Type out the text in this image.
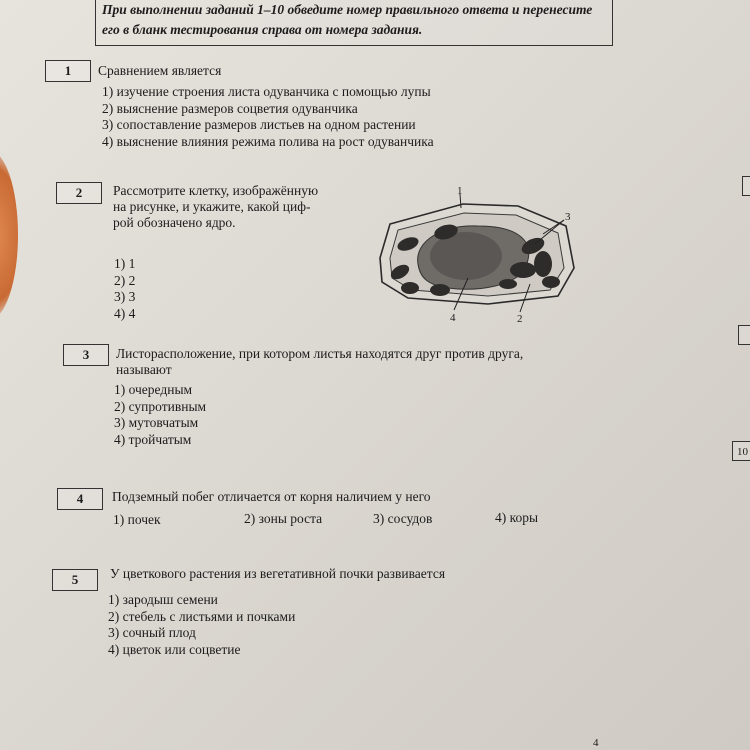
При выполнении заданий 1–10 обведите номер правильного ответа и перенесите его в бланк тестирования справа от номера задания.
1	Сравнением является
1) изучение строения листа одуванчика с помощью лупы
2) выяснение размеров соцветия одуванчика
3) сопоставление размеров листьев на одном растении
4) выяснение влияния режима полива на рост одуванчика
2	Рассмотрите клетку, изображённую
на рисунке, и укажите, какой циф-
рой обозначено ядро.
1) 1
2) 2
3) 3
4) 4
1
3
4	2
3	Листорасположение, при котором листья находятся друг против друга,
называют
1) очередным
2) супротивным
3) мутовчатым
4) тройчатым
4	Подземный побег отличается от корня наличием у него
1) почек	2) зоны роста	3) сосудов	4) коры
5	У цветкового растения из вегетативной почки развивается
1) зародыш семени
2) стебель с листьями и почками
3) сочный плод
4) цветок или соцветие
10
4
